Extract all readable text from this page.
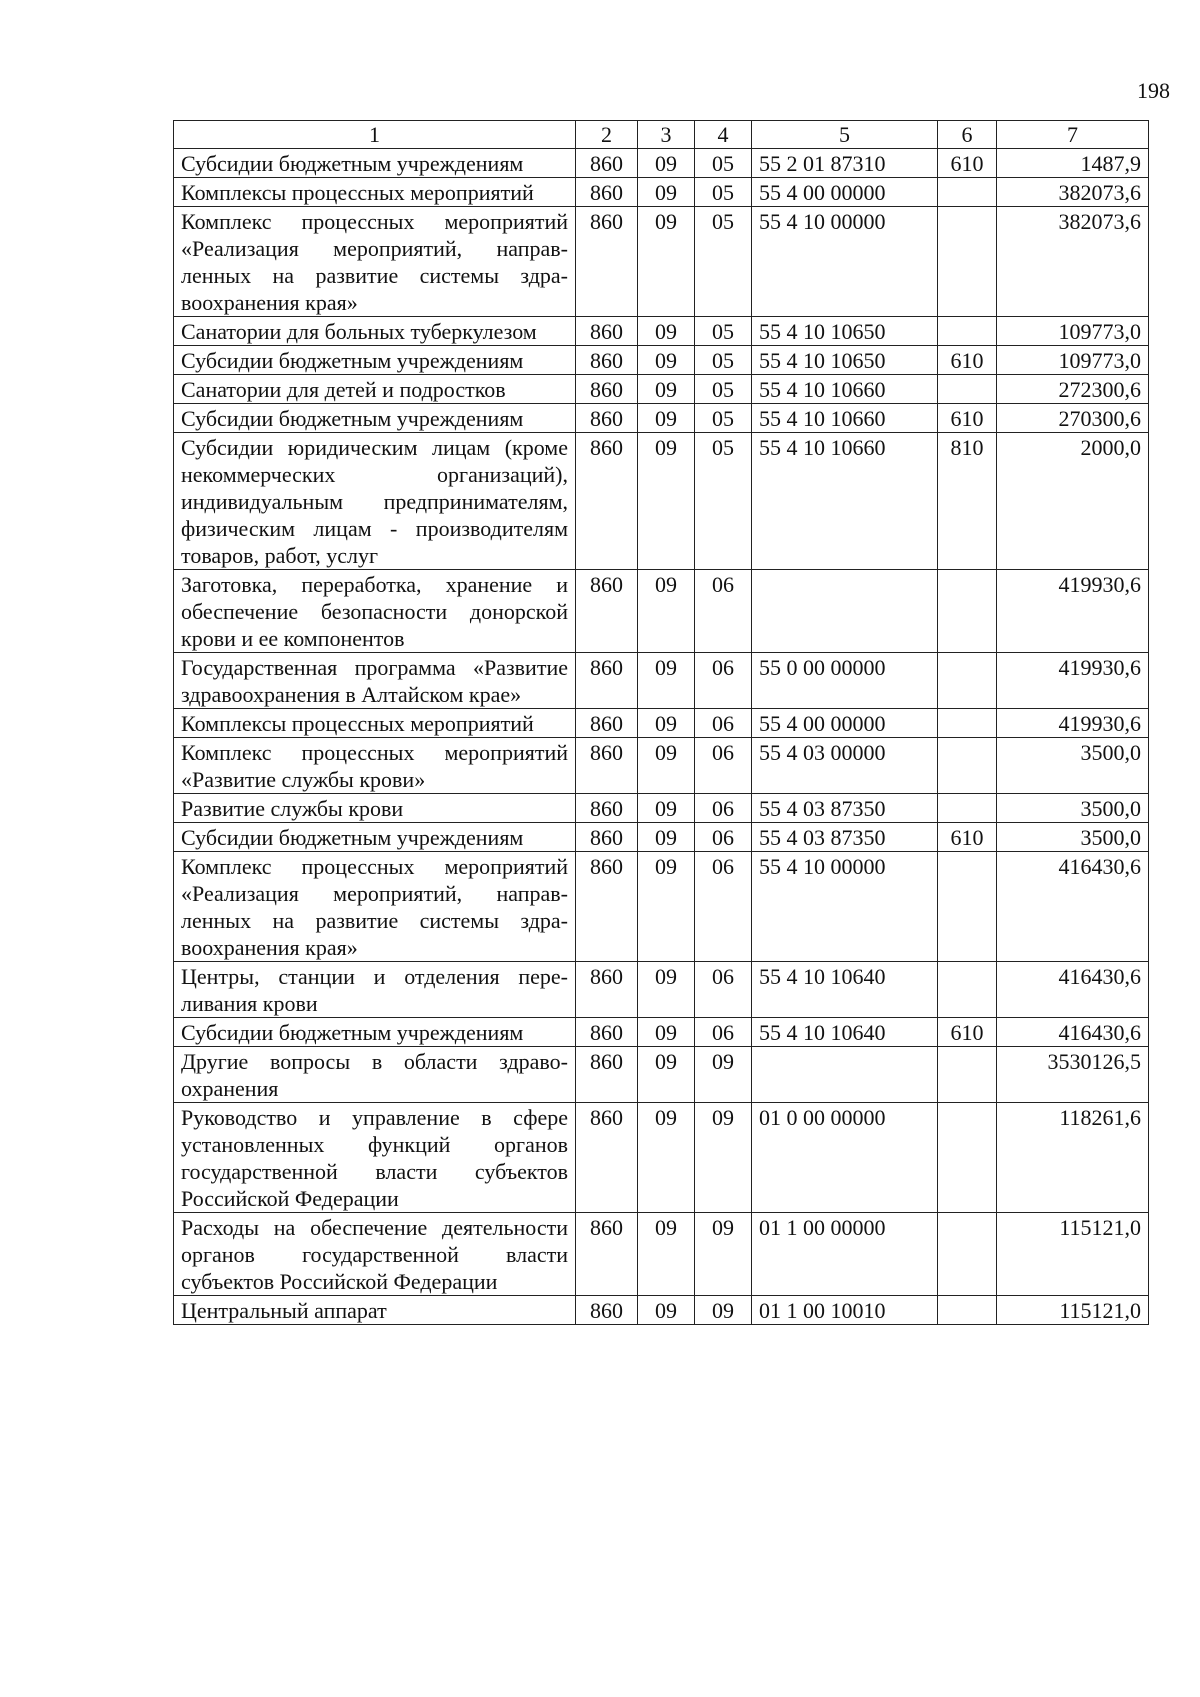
198
1	2	3	4	5	6	7
Субсидии бюджетным учреждениям	860	09	05	55 2 01 87310	610	1487,9
Комплексы процессных мероприятий	860	09	05	55 4 00 00000		382073,6
Комплекс процессных мероприятий «Реализация мероприятий, направленных на развитие системы здравоохранения края»	860	09	05	55 4 10 00000		382073,6
Санатории для больных туберкулезом	860	09	05	55 4 10 10650		109773,0
Субсидии бюджетным учреждениям	860	09	05	55 4 10 10650	610	109773,0
Санатории для детей и подростков	860	09	05	55 4 10 10660		272300,6
Субсидии бюджетным учреждениям	860	09	05	55 4 10 10660	610	270300,6
Субсидии юридическим лицам (кроме некоммерческих организаций), индивидуальным предпринимателям, физическим лицам - производителям товаров, работ, услуг	860	09	05	55 4 10 10660	810	2000,0
Заготовка, переработка, хранение и обеспечение безопасности донорской крови и ее компонентов	860	09	06			419930,6
Государственная программа «Развитие здравоохранения в Алтайском крае»	860	09	06	55 0 00 00000		419930,6
Комплексы процессных мероприятий	860	09	06	55 4 00 00000		419930,6
Комплекс процессных мероприятий «Развитие службы крови»	860	09	06	55 4 03 00000		3500,0
Развитие службы крови	860	09	06	55 4 03 87350		3500,0
Субсидии бюджетным учреждениям	860	09	06	55 4 03 87350	610	3500,0
Комплекс процессных мероприятий «Реализация мероприятий, направленных на развитие системы здравоохранения края»	860	09	06	55 4 10 00000		416430,6
Центры, станции и отделения переливания крови	860	09	06	55 4 10 10640		416430,6
Субсидии бюджетным учреждениям	860	09	06	55 4 10 10640	610	416430,6
Другие вопросы в области здравоохранения	860	09	09			3530126,5
Руководство и управление в сфере установленных функций органов государственной власти субъектов Российской Федерации	860	09	09	01 0 00 00000		118261,6
Расходы на обеспечение деятельности органов государственной власти субъектов Российской Федерации	860	09	09	01 1 00 00000		115121,0
Центральный аппарат	860	09	09	01 1 00 10010		115121,0
